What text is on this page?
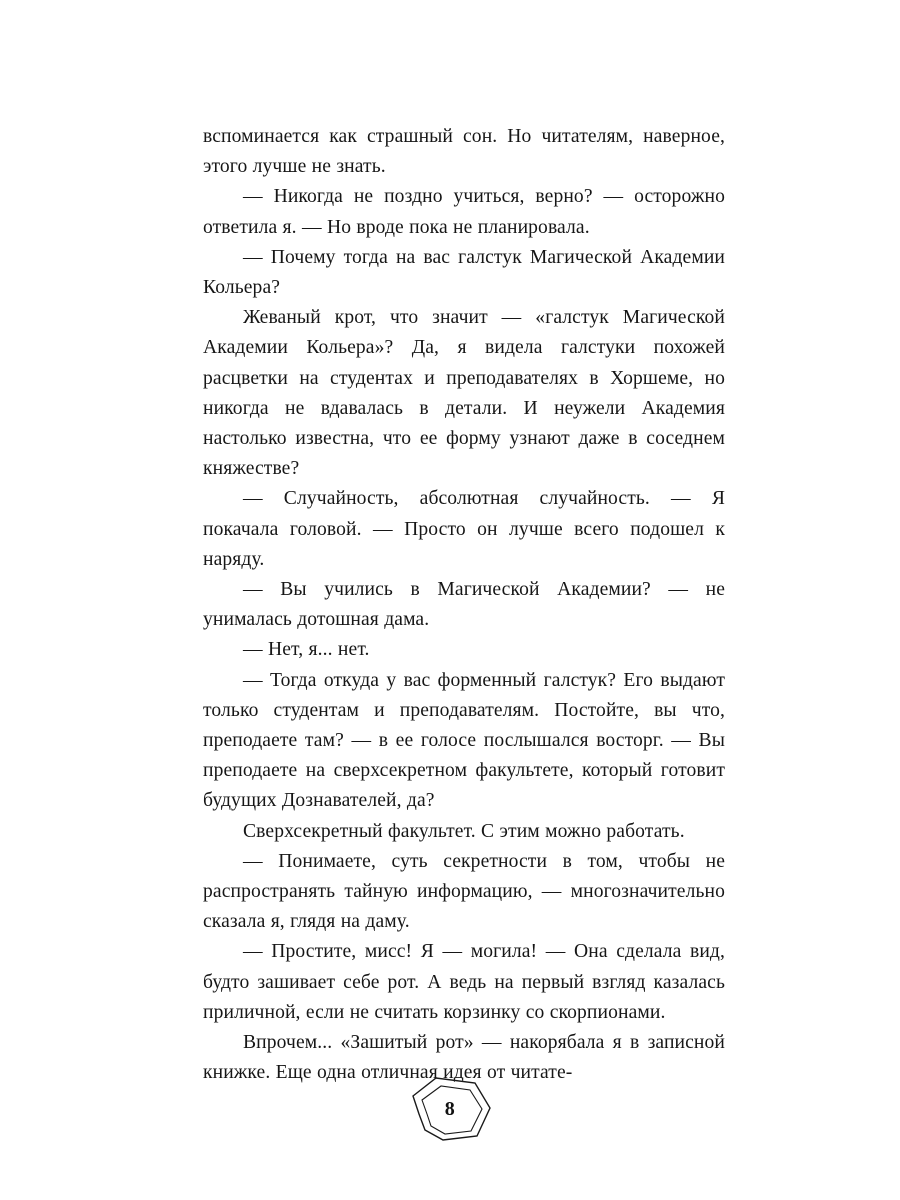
вспоминается как страшный сон. Но читателям, наверное, этого лучше не знать.

— Никогда не поздно учиться, верно? — осторожно ответила я. — Но вроде пока не планировала.

— Почему тогда на вас галстук Магической Академии Кольера?

Жеваный крот, что значит — «галстук Магической Академии Кольера»? Да, я видела галстуки похожей расцветки на студентах и преподавателях в Хоршеме, но никогда не вдавалась в детали. И неужели Академия настолько известна, что ее форму узнают даже в соседнем княжестве?

— Случайность, абсолютная случайность. — Я покачала головой. — Просто он лучше всего подошел к наряду.

— Вы учились в Магической Академии? — не унималась дотошная дама.

— Нет, я... нет.

— Тогда откуда у вас форменный галстук? Его выдают только студентам и преподавателям. Постойте, вы что, преподаете там? — в ее голосе послышался восторг. — Вы преподаете на сверхсекретном факультете, который готовит будущих Дознавателей, да?

Сверхсекретный факультет. С этим можно работать.

— Понимаете, суть секретности в том, чтобы не распространять тайную информацию, — многозначительно сказала я, глядя на даму.

— Простите, мисс! Я — могила! — Она сделала вид, будто зашивает себе рот. А ведь на первый взгляд казалась приличной, если не считать корзинку со скорпионами.

Впрочем... «Зашитый рот» — накорябала я в записной книжке. Еще одна отличная идея от читате-

8
